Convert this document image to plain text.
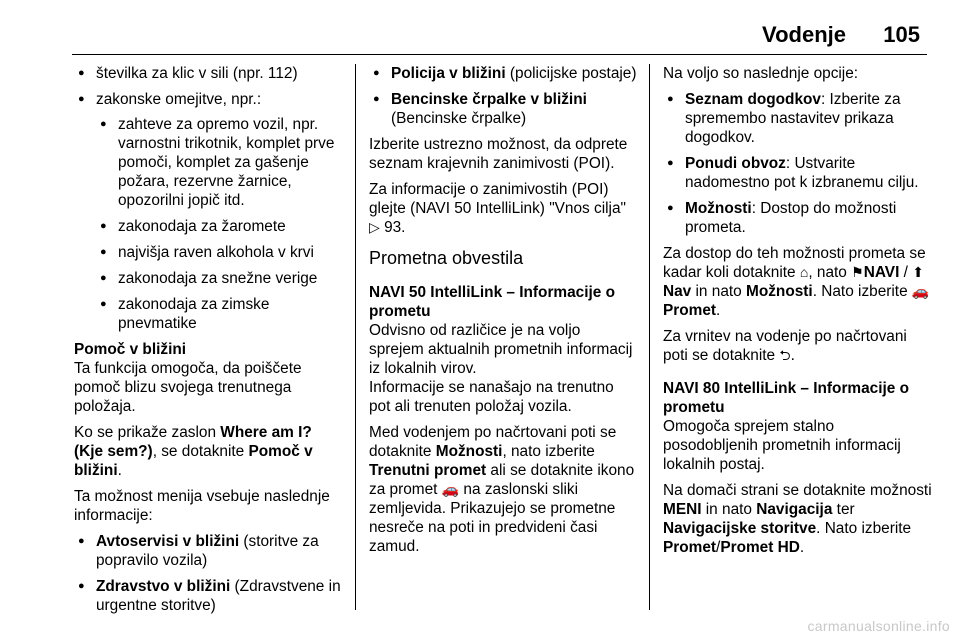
Vodenje 105
● številka za klic v sili (npr. 112)
● zakonske omejitve, npr.:
● zahteve za opremo vozil, npr. varnostni trikotnik, komplet prve pomoči, komplet za gašenje požara, rezervne žarnice, opozorilni jopič itd.
● zakonodaja za žaromete
● najvišja raven alkohola v krvi
● zakonodaja za snežne verige
● zakonodaja za zimske pnevmatike
Pomoč v bližini

Ta funkcija omogoča, da poiščete pomoč blizu svojega trenutnega položaja.

Ko se prikaže zaslon Where am I? (Kje sem?), se dotaknite Pomoč v bližini.

Ta možnost menija vsebuje naslednje informacije:

● Avtoservisi v bližini (storitve za popravilo vozila)
● Zdravstvo v bližini (Zdravstvene in urgentne storitve)
● Policija v bližini (policijske postaje)
● Bencinske črpalke v bližini (Bencinske črpalke)

Izberite ustrezno možnost, da odprete seznam krajevnih zanimivosti (POI).

Za informacije o zanimivostih (POI) glejte (NAVI 50 IntelliLink) "Vnos cilja" ▷ 93.

Prometna obvestila
NAVI 50 IntelliLink – Informacije o prometu

Odvisno od različice je na voljo sprejem aktualnih prometnih informacij iz lokalnih virov.

Informacije se nanašajo na trenutno pot ali trenuten položaj vozila.

Med vodenjem po načrtovani poti se dotaknite Možnosti, nato izberite Trenutni promet ali se dotaknite ikono za promet 🚗 na zaslonski sliki zemljevida. Prikazujejo se prometne nesreče na poti in predvideni časi zamud.

Na voljo so naslednje opcije:

● Seznam dogodkov: Izberite za spremembo nastavitev prikaza dogodkov.
● Ponudi obvoz: Ustvarite nadomestno pot k izbranemu cilju.
● Možnosti: Dostop do možnosti prometa.

Za dostop do teh možnosti prometa se kadar koli dotaknite ⌂, nato ⚑NAVI / ⬆Nav in nato Možnosti. Nato izberite 🚗Promet.

Za vrnitev na vodenje po načrtovani poti se dotaknite ⮌.

NAVI 80 IntelliLink – Informacije o prometu

Omogoča sprejem stalno posodobljenih prometnih informacij lokalnih postaj.

Na domači strani se dotaknite možnosti MENI in nato Navigacija ter Navigacijske storitve. Nato izberite Promet/Promet HD.

carmanualsonline.info
